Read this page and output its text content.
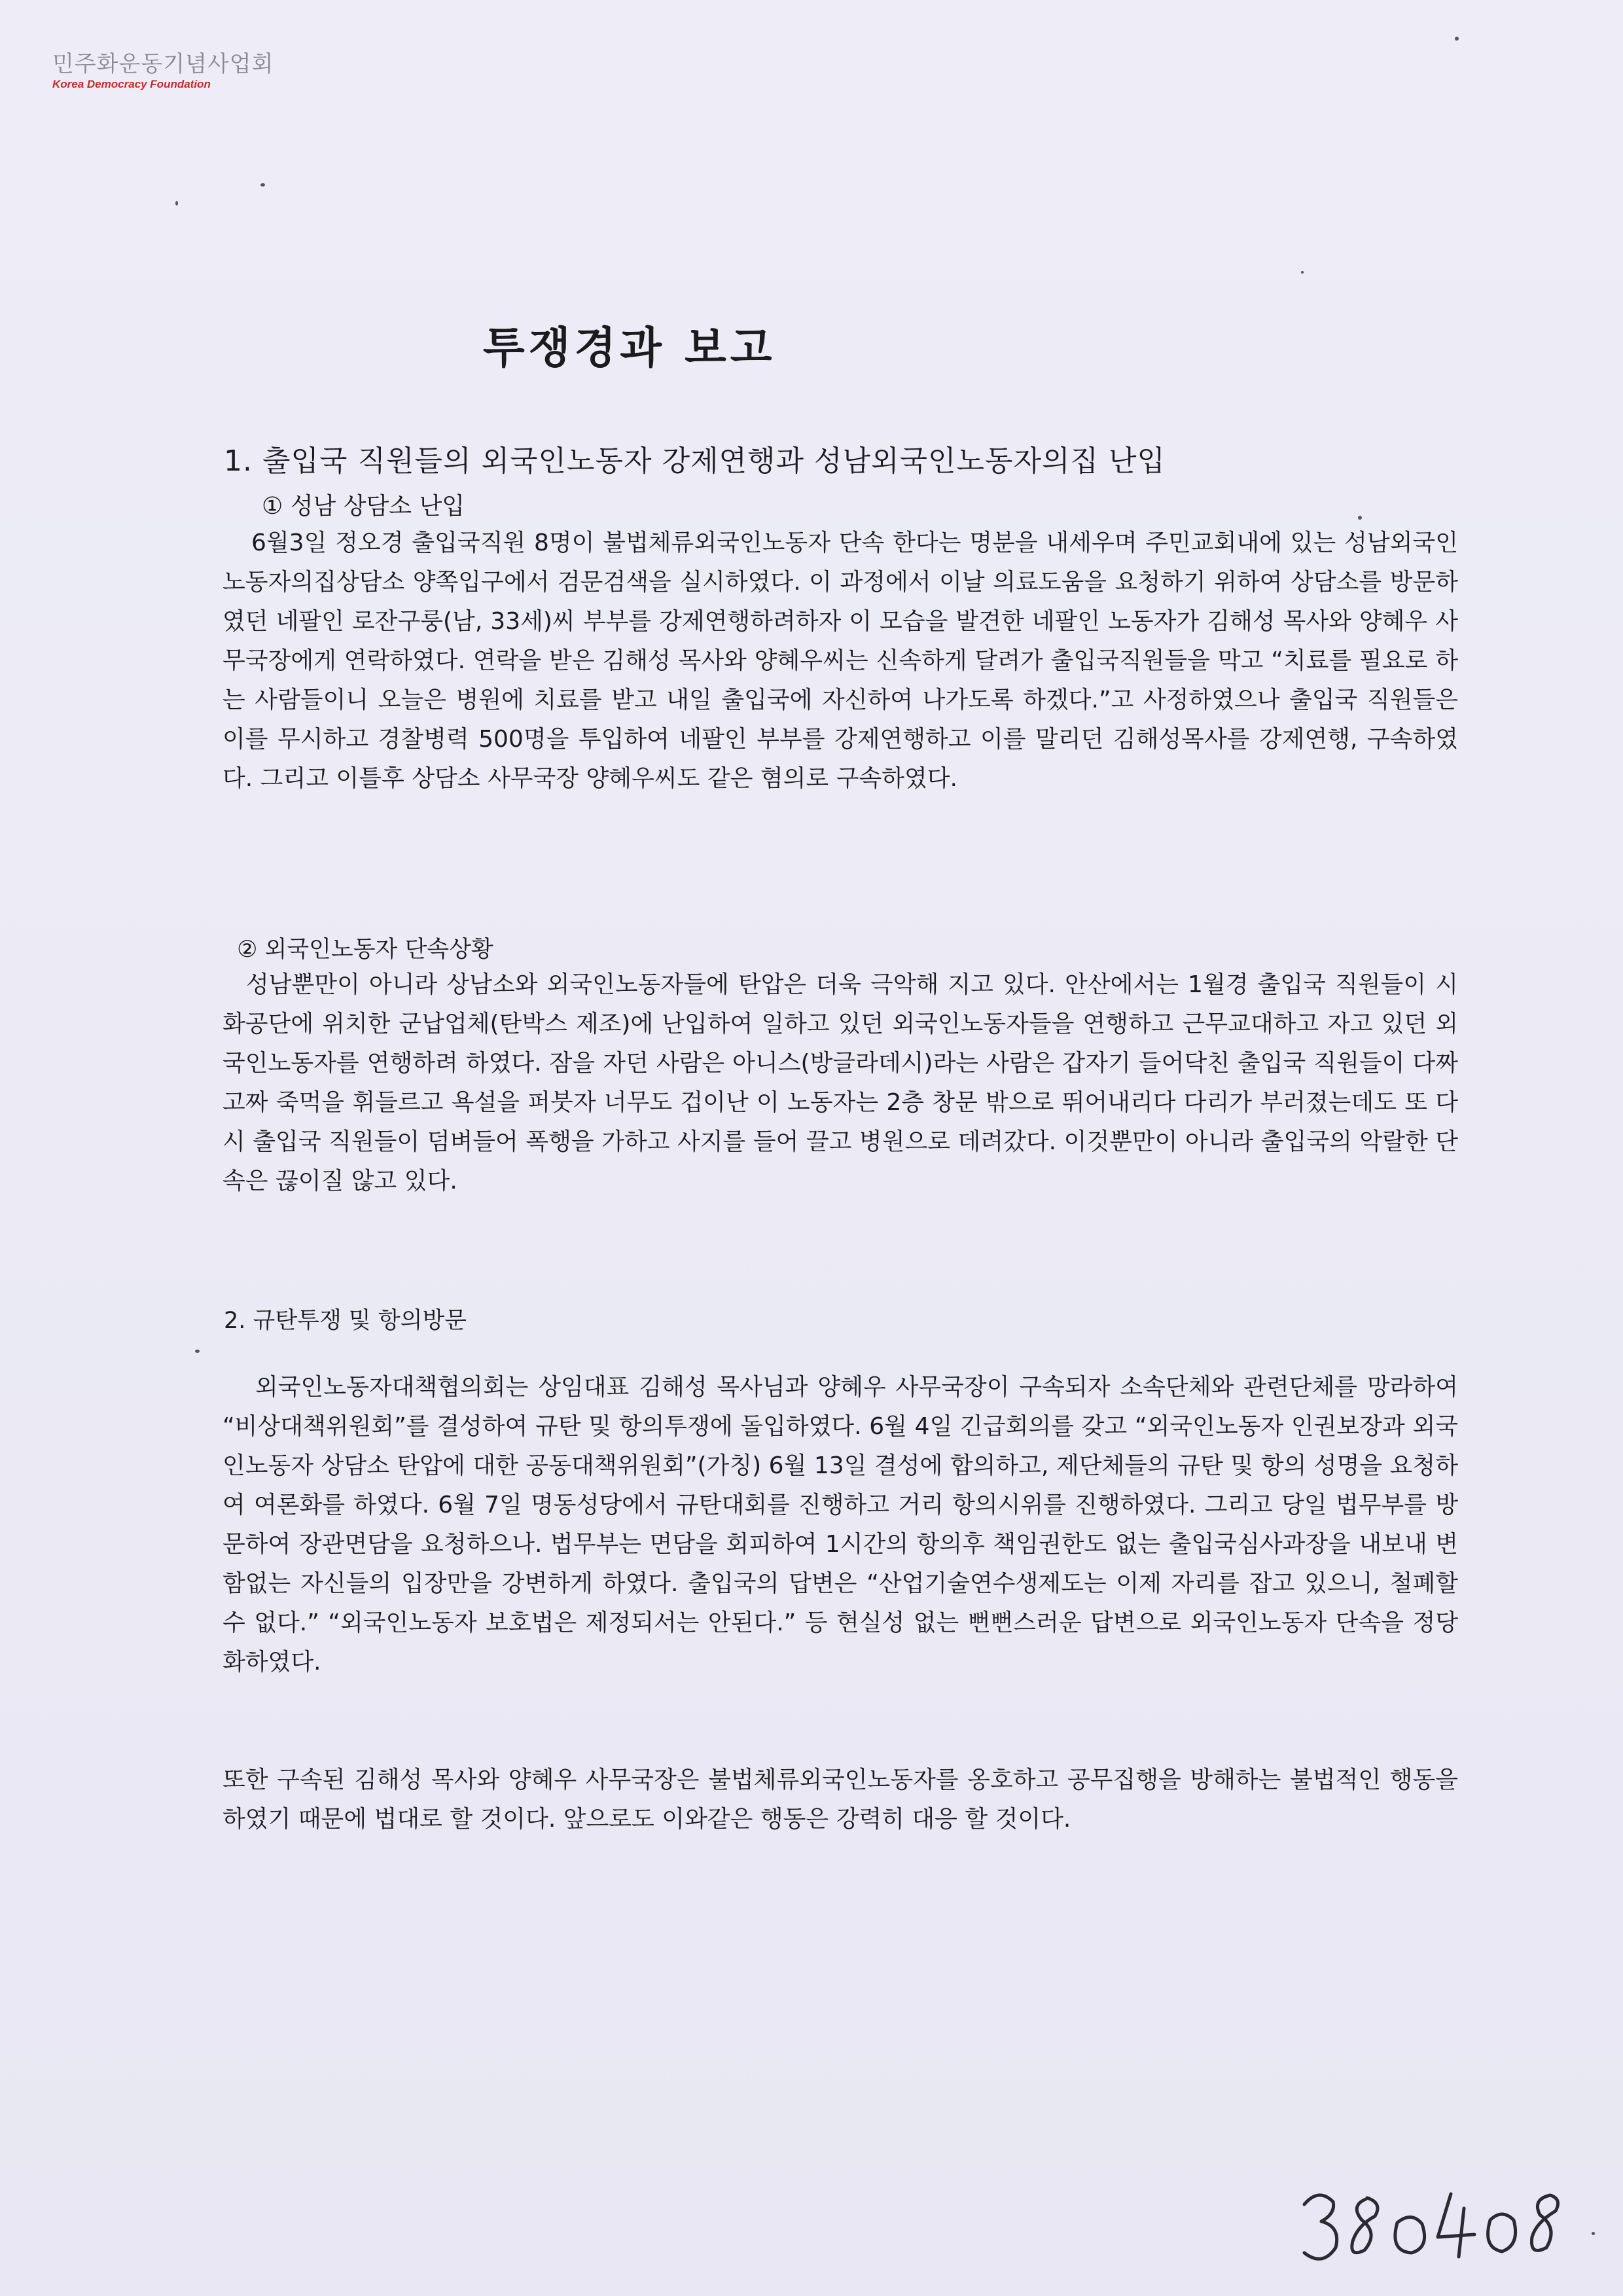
민주화운동기념사업회
Korea Democracy Foundation
투쟁경과 보고
1. 출입국 직원들의 외국인노동자 강제연행과 성남외국인노동자의집 난입
① 성남 상담소 난입
6월3일 정오경 출입국직원 8명이 불법체류외국인노동자 단속 한다는 명분을 내세우며 주민교회내에 있는 성남외국인노동자의집상담소 양쪽입구에서 검문검색을 실시하였다. 이 과정에서 이날 의료도움을 요청하기 위하여 상담소를 방문하였던 네팔인 로잔구룽(남, 33세)씨 부부를 강제연행하려하자 이 모습을 발견한 네팔인 노동자가 김해성 목사와 양혜우 사무국장에게 연락하였다. 연락을 받은 김해성 목사와 양혜우씨는 신속하게 달려가 출입국직원들을 막고 “치료를 필요로 하는 사람들이니 오늘은 병원에 치료를 받고 내일 출입국에 자신하여 나가도록 하겠다.”고 사정하였으나 출입국 직원들은 이를 무시하고 경찰병력 500명을 투입하여 네팔인 부부를 강제연행하고 이를 말리던 김해성목사를 강제연행, 구속하였다. 그리고 이틀후 상담소 사무국장 양혜우씨도 같은 혐의로 구속하였다.
② 외국인노동자 단속상황
성남뿐만이 아니라 상남소와 외국인노동자들에 탄압은 더욱 극악해 지고 있다. 안산에서는 1월경 출입국 직원들이 시화공단에 위치한 군납업체(탄박스 제조)에 난입하여 일하고 있던 외국인노동자들을 연행하고 근무교대하고 자고 있던 외국인노동자를 연행하려 하였다. 잠을 자던 사람은 아니스(방글라데시)라는 사람은 갑자기 들어닥친 출입국 직원들이 다짜고짜 죽먹을 휘들르고 욕설을 퍼붓자 너무도 겁이난 이 노동자는 2층 창문 밖으로 뛰어내리다 다리가 부러졌는데도 또 다시 출입국 직원들이 덤벼들어 폭행을 가하고 사지를 들어 끌고 병원으로 데려갔다. 이것뿐만이 아니라 출입국의 악랄한 단속은 끊이질 않고 있다.
2. 규탄투쟁 및 항의방문
외국인노동자대책협의회는 상임대표 김해성 목사님과 양혜우 사무국장이 구속되자 소속단체와 관련단체를 망라하여 “비상대책위원회”를 결성하여 규탄 및 항의투쟁에 돌입하였다. 6월 4일 긴급회의를 갖고 “외국인노동자 인권보장과 외국인노동자 상담소 탄압에 대한 공동대책위원회”(가칭) 6월 13일 결성에 합의하고, 제단체들의 규탄 및 항의 성명을 요청하여 여론화를 하였다. 6월 7일 명동성당에서 규탄대회를 진행하고 거리 항의시위를 진행하였다. 그리고 당일 법무부를 방문하여 장관면담을 요청하으나. 법무부는 면담을 회피하여 1시간의 항의후 책임권한도 없는 출입국심사과장을 내보내 변함없는 자신들의 입장만을 강변하게 하였다. 출입국의 답변은 “산업기술연수생제도는 이제 자리를 잡고 있으니, 철폐할 수 없다.” “외국인노동자 보호법은 제정되서는 안된다.” 등 현실성 없는 뻔뻔스러운 답변으로 외국인노동자 단속을 정당화하였다.
또한 구속된 김해성 목사와 양혜우 사무국장은 불법체류외국인노동자를 옹호하고 공무집행을 방해하는 불법적인 행동을 하였기 때문에 법대로 할 것이다. 앞으로도 이와같은 행동은 강력히 대응 할 것이다.
